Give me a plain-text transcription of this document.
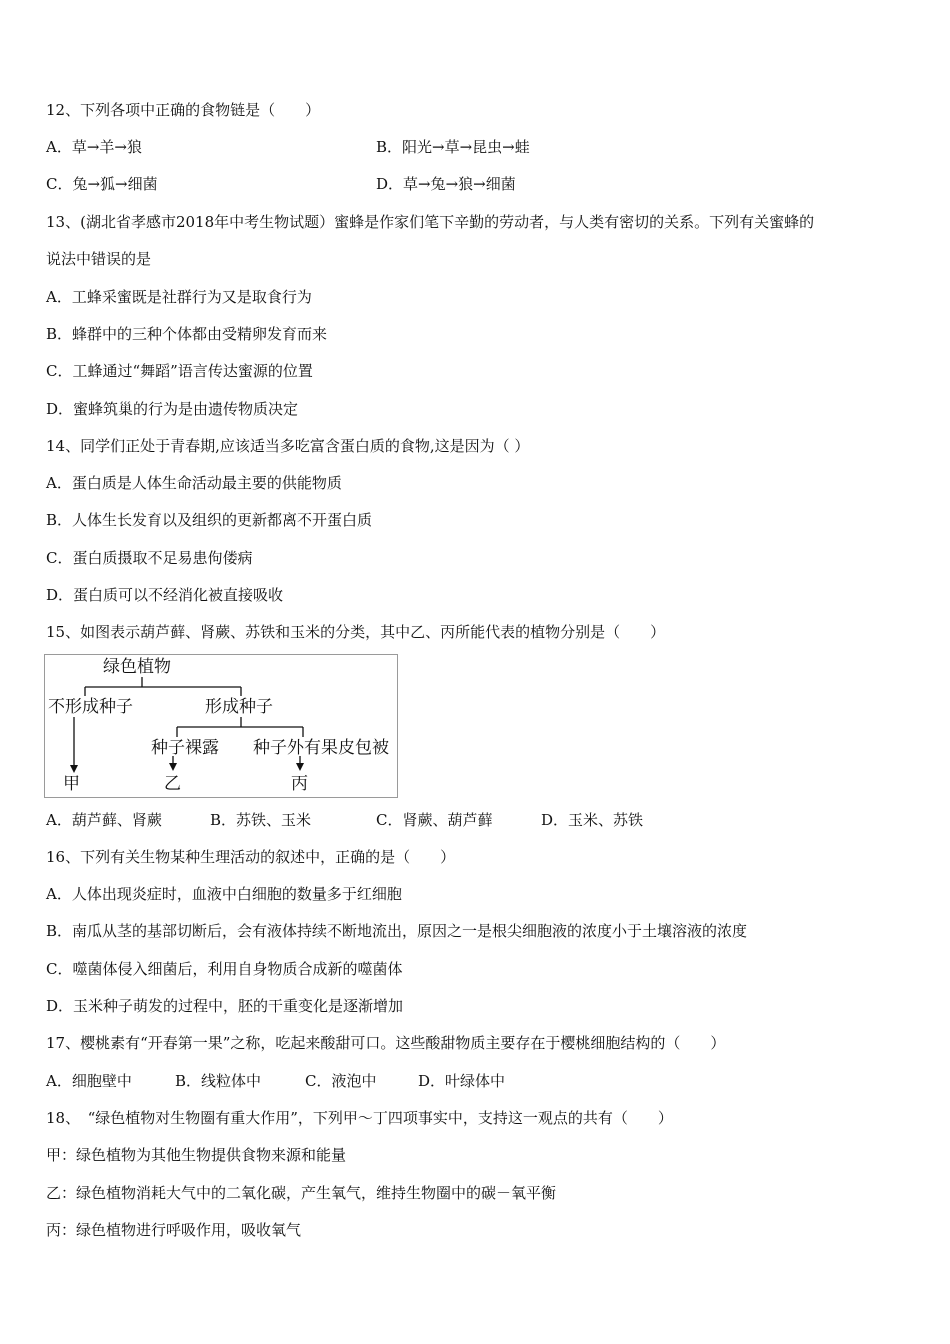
12、下列各项中正确的食物链是（　　）
A．草→羊→狼	B．阳光→草→昆虫→蛙
C．兔→狐→细菌	D．草→兔→狼→细菌
13、(湖北省孝感市2018年中考生物试题）蜜蜂是作家们笔下辛勤的劳动者，与人类有密切的关系。下列有关蜜蜂的
说法中错误的是
A．工蜂采蜜既是社群行为又是取食行为
B．蜂群中的三种个体都由受精卵发育而来
C．工蜂通过“舞蹈”语言传达蜜源的位置
D．蜜蜂筑巢的行为是由遗传物质决定
14、同学们正处于青春期,应该适当多吃富含蛋白质的食物,这是因为（ ）
A．蛋白质是人体生命活动最主要的供能物质
B．人体生长发育以及组织的更新都离不开蛋白质
C．蛋白质摄取不足易患佝偻病
D．蛋白质可以不经消化被直接吸收
15、如图表示葫芦藓、肾蕨、苏铁和玉米的分类，其中乙、丙所能代表的植物分别是（　　）
绿色植物
不形成种子	形成种子
种子裸露 种子外有果皮包被
甲	乙	丙
A．葫芦藓、肾蕨	B．苏铁、玉米	C．肾蕨、葫芦藓	D．玉米、苏铁
16、下列有关生物某种生理活动的叙述中，正确的是（　　）
A．人体出现炎症时，血液中白细胞的数量多于红细胞
B．南瓜从茎的基部切断后，会有液体持续不断地流出，原因之一是根尖细胞液的浓度小于土壤溶液的浓度
C．噬菌体侵入细菌后，利用自身物质合成新的噬菌体
D．玉米种子萌发的过程中，胚的干重变化是逐渐增加
17、樱桃素有“开春第一果”之称，吃起来酸甜可口。这些酸甜物质主要存在于樱桃细胞结构的（　　）
A．细胞壁中	B．线粒体中	C．液泡中	D．叶绿体中
18、　“绿色植物对生物圈有重大作用”，下列甲～丁四项事实中，支持这一观点的共有（　　）
甲：绿色植物为其他生物提供食物来源和能量
乙：绿色植物消耗大气中的二氧化碳，产生氧气，维持生物圈中的碳－氧平衡
丙：绿色植物进行呼吸作用，吸收氧气
